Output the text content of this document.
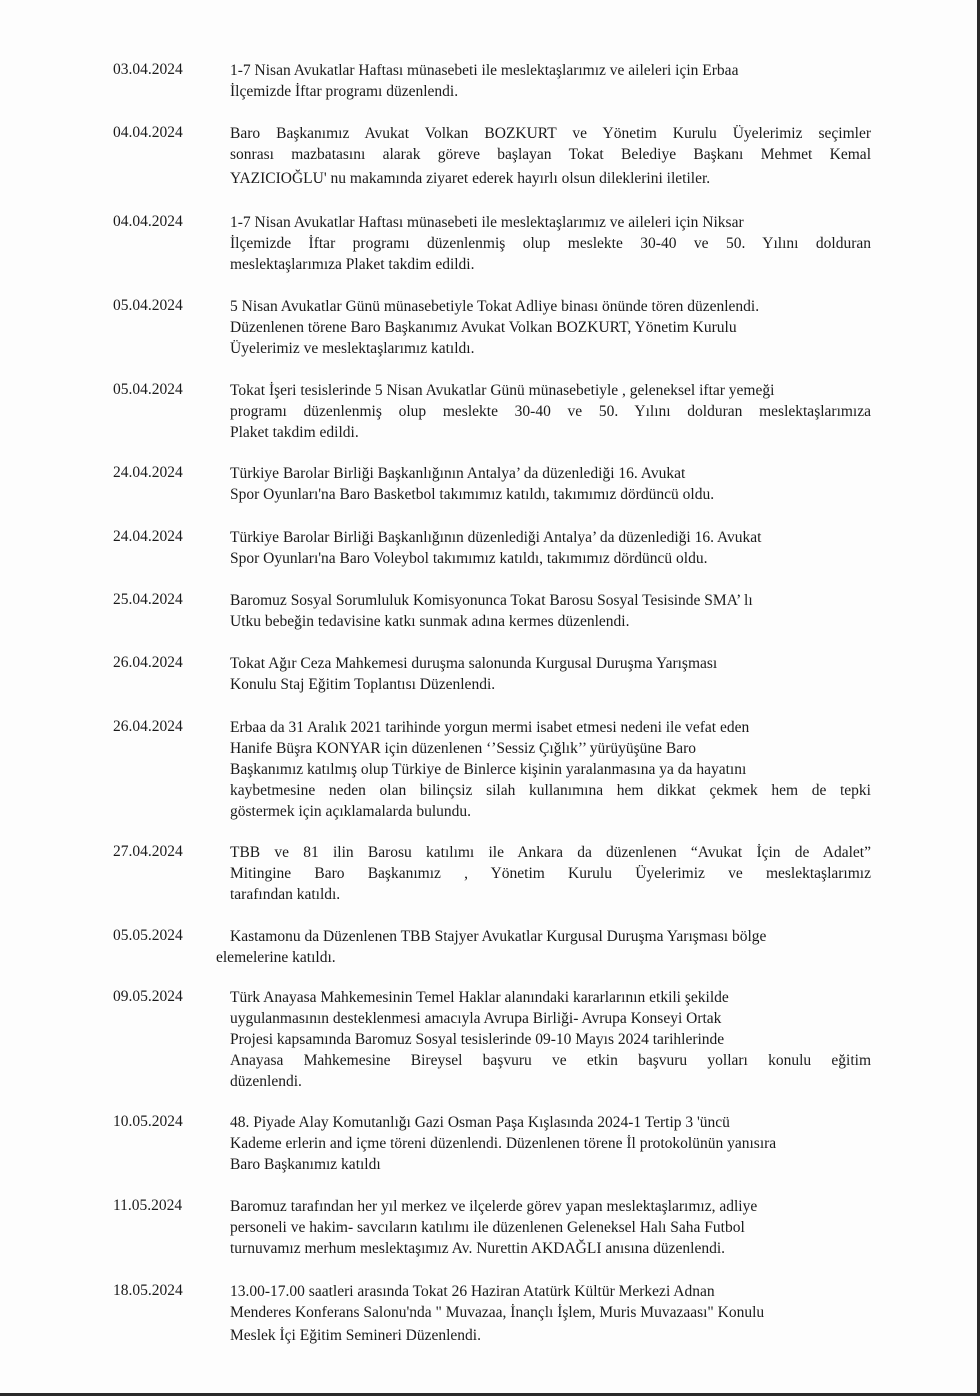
03.04.2024	1-7 Nisan Avukatlar Haftası münasebeti ile meslektaşlarımız ve aileleri için Erbaa
İlçemizde İftar programı düzenlendi.
04.04.2024	Baro Başkanımız Avukat Volkan BOZKURT ve Yönetim Kurulu Üyelerimiz seçimler
sonrası mazbatasını alarak göreve başlayan Tokat Belediye Başkanı Mehmet Kemal
YAZICIOĞLU' nu makamında ziyaret ederek hayırlı olsun dileklerini iletiler.
04.04.2024	1-7 Nisan Avukatlar Haftası münasebeti ile meslektaşlarımız ve aileleri için Niksar
İlçemizde İftar programı düzenlenmiş olup meslekte 30-40 ve 50. Yılını dolduran
meslektaşlarımıza Plaket takdim edildi.
05.04.2024	5 Nisan Avukatlar Günü münasebetiyle Tokat Adliye binası önünde tören düzenlendi.
Düzenlenen törene Baro Başkanımız Avukat Volkan BOZKURT, Yönetim Kurulu
Üyelerimiz ve meslektaşlarımız katıldı.
05.04.2024	Tokat İşeri tesislerinde 5 Nisan Avukatlar Günü münasebetiyle , geleneksel iftar yemeği
programı düzenlenmiş olup meslekte 30-40 ve 50. Yılını dolduran meslektaşlarımıza
Plaket takdim edildi.
24.04.2024	Türkiye Barolar Birliği Başkanlığının Antalya’ da düzenlediği 16. Avukat
Spor Oyunları'na Baro Basketbol takımımız katıldı, takımımız dördüncü oldu.
24.04.2024	Türkiye Barolar Birliği Başkanlığının düzenlediği Antalya’ da düzenlediği 16. Avukat
Spor Oyunları'na Baro Voleybol takımımız katıldı, takımımız dördüncü oldu.
25.04.2024	Baromuz Sosyal Sorumluluk Komisyonunca Tokat Barosu Sosyal Tesisinde SMA’ lı
Utku bebeğin tedavisine katkı sunmak adına kermes düzenlendi.
26.04.2024	Tokat Ağır Ceza Mahkemesi duruşma salonunda Kurgusal Duruşma Yarışması
Konulu Staj Eğitim Toplantısı Düzenlendi.
26.04.2024	Erbaa da 31 Aralık 2021 tarihinde yorgun mermi isabet etmesi nedeni ile vefat eden
Hanife Büşra KONYAR için düzenlenen ‘’Sessiz Çığlık’’ yürüyüşüne Baro
Başkanımız katılmış olup Türkiye de Binlerce kişinin yaralanmasına ya da hayatını
kaybetmesine neden olan bilinçsiz silah kullanımına hem dikkat çekmek hem de tepki
göstermek için açıklamalarda bulundu.
27.04.2024	TBB ve 81 ilin Barosu katılımı ile Ankara da düzenlenen “Avukat İçin de Adalet”
Mitingine Baro Başkanımız , Yönetim Kurulu Üyelerimiz ve meslektaşlarımız
tarafından katıldı.
05.05.2024	Kastamonu da Düzenlenen TBB Stajyer Avukatlar Kurgusal Duruşma Yarışması bölge
elemelerine katıldı.
09.05.2024	Türk Anayasa Mahkemesinin Temel Haklar alanındaki kararlarının etkili şekilde
uygulanmasının desteklenmesi amacıyla Avrupa Birliği- Avrupa Konseyi Ortak
Projesi kapsamında Baromuz Sosyal tesislerinde 09-10 Mayıs 2024 tarihlerinde
Anayasa Mahkemesine Bireysel başvuru ve etkin başvuru yolları konulu eğitim
düzenlendi.
10.05.2024	48. Piyade Alay Komutanlığı Gazi Osman Paşa Kışlasında 2024-1 Tertip 3 'üncü
Kademe erlerin and içme töreni düzenlendi. Düzenlenen törene İl protokolünün yanısıra
Baro Başkanımız katıldı
11.05.2024	Baromuz tarafından her yıl merkez ve ilçelerde görev yapan meslektaşlarımız, adliye
personeli ve hakim- savcıların katılımı ile düzenlenen Geleneksel Halı Saha Futbol
turnuvamız merhum meslektaşımız Av. Nurettin AKDAĞLI anısına düzenlendi.
18.05.2024	13.00-17.00 saatleri arasında Tokat 26 Haziran Atatürk Kültür Merkezi Adnan
Menderes Konferans Salonu'nda " Muvazaa, İnançlı İşlem, Muris Muvazaası" Konulu
Meslek İçi Eğitim Semineri Düzenlendi.
